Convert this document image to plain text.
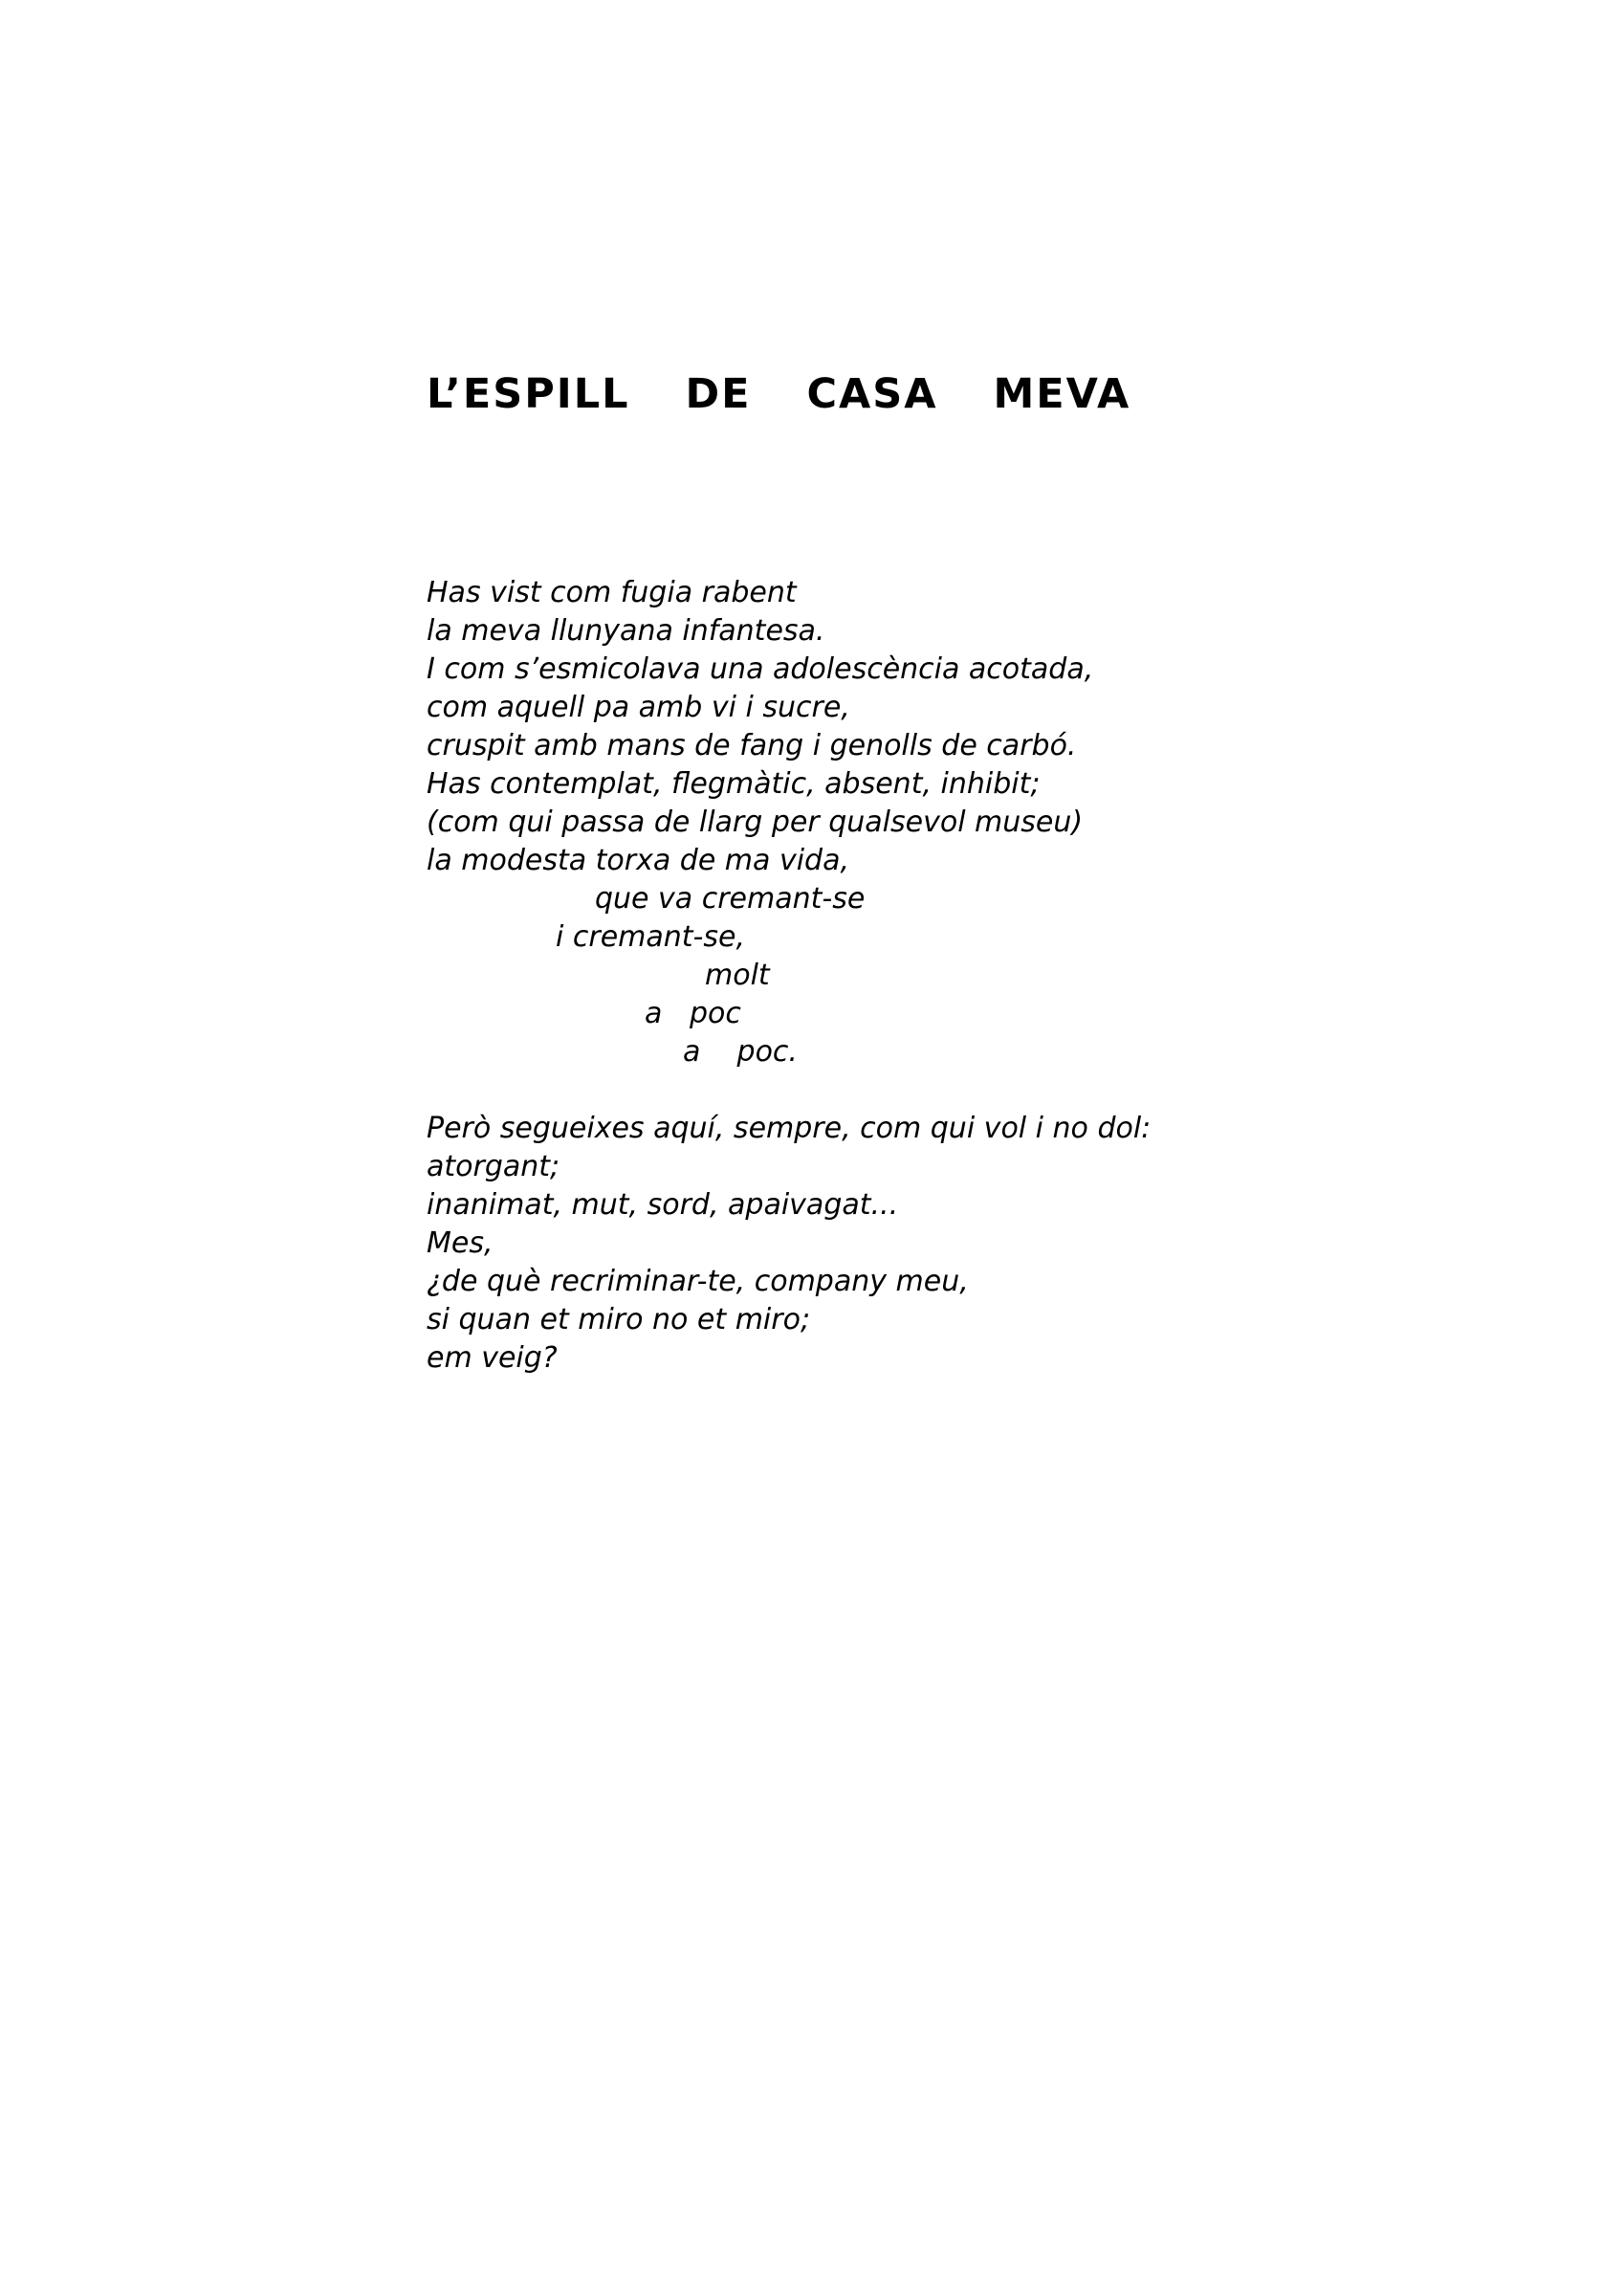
L’ESPILL  DE  CASA  MEVA

Has vist com fugia rabent

la meva llunyana infantesa.

I com s’esmicolava una adolescència acotada,

com aquell pa amb vi i sucre,

cruspit amb mans de fang i genolls de carbó.

Has contemplat, flegmàtic, absent, inhibit;

(com qui passa de llarg per qualsevol museu)

la modesta torxa de ma vida,

que va cremant-se

i cremant-se,

molt

a   poc

a    poc.

Però segueixes aquí, sempre, com qui vol i no dol:

atorgant;

inanimat, mut, sord, apaivagat...

Mes,

¿de què recriminar-te, company meu,

si quan et miro no et miro;

em veig?
